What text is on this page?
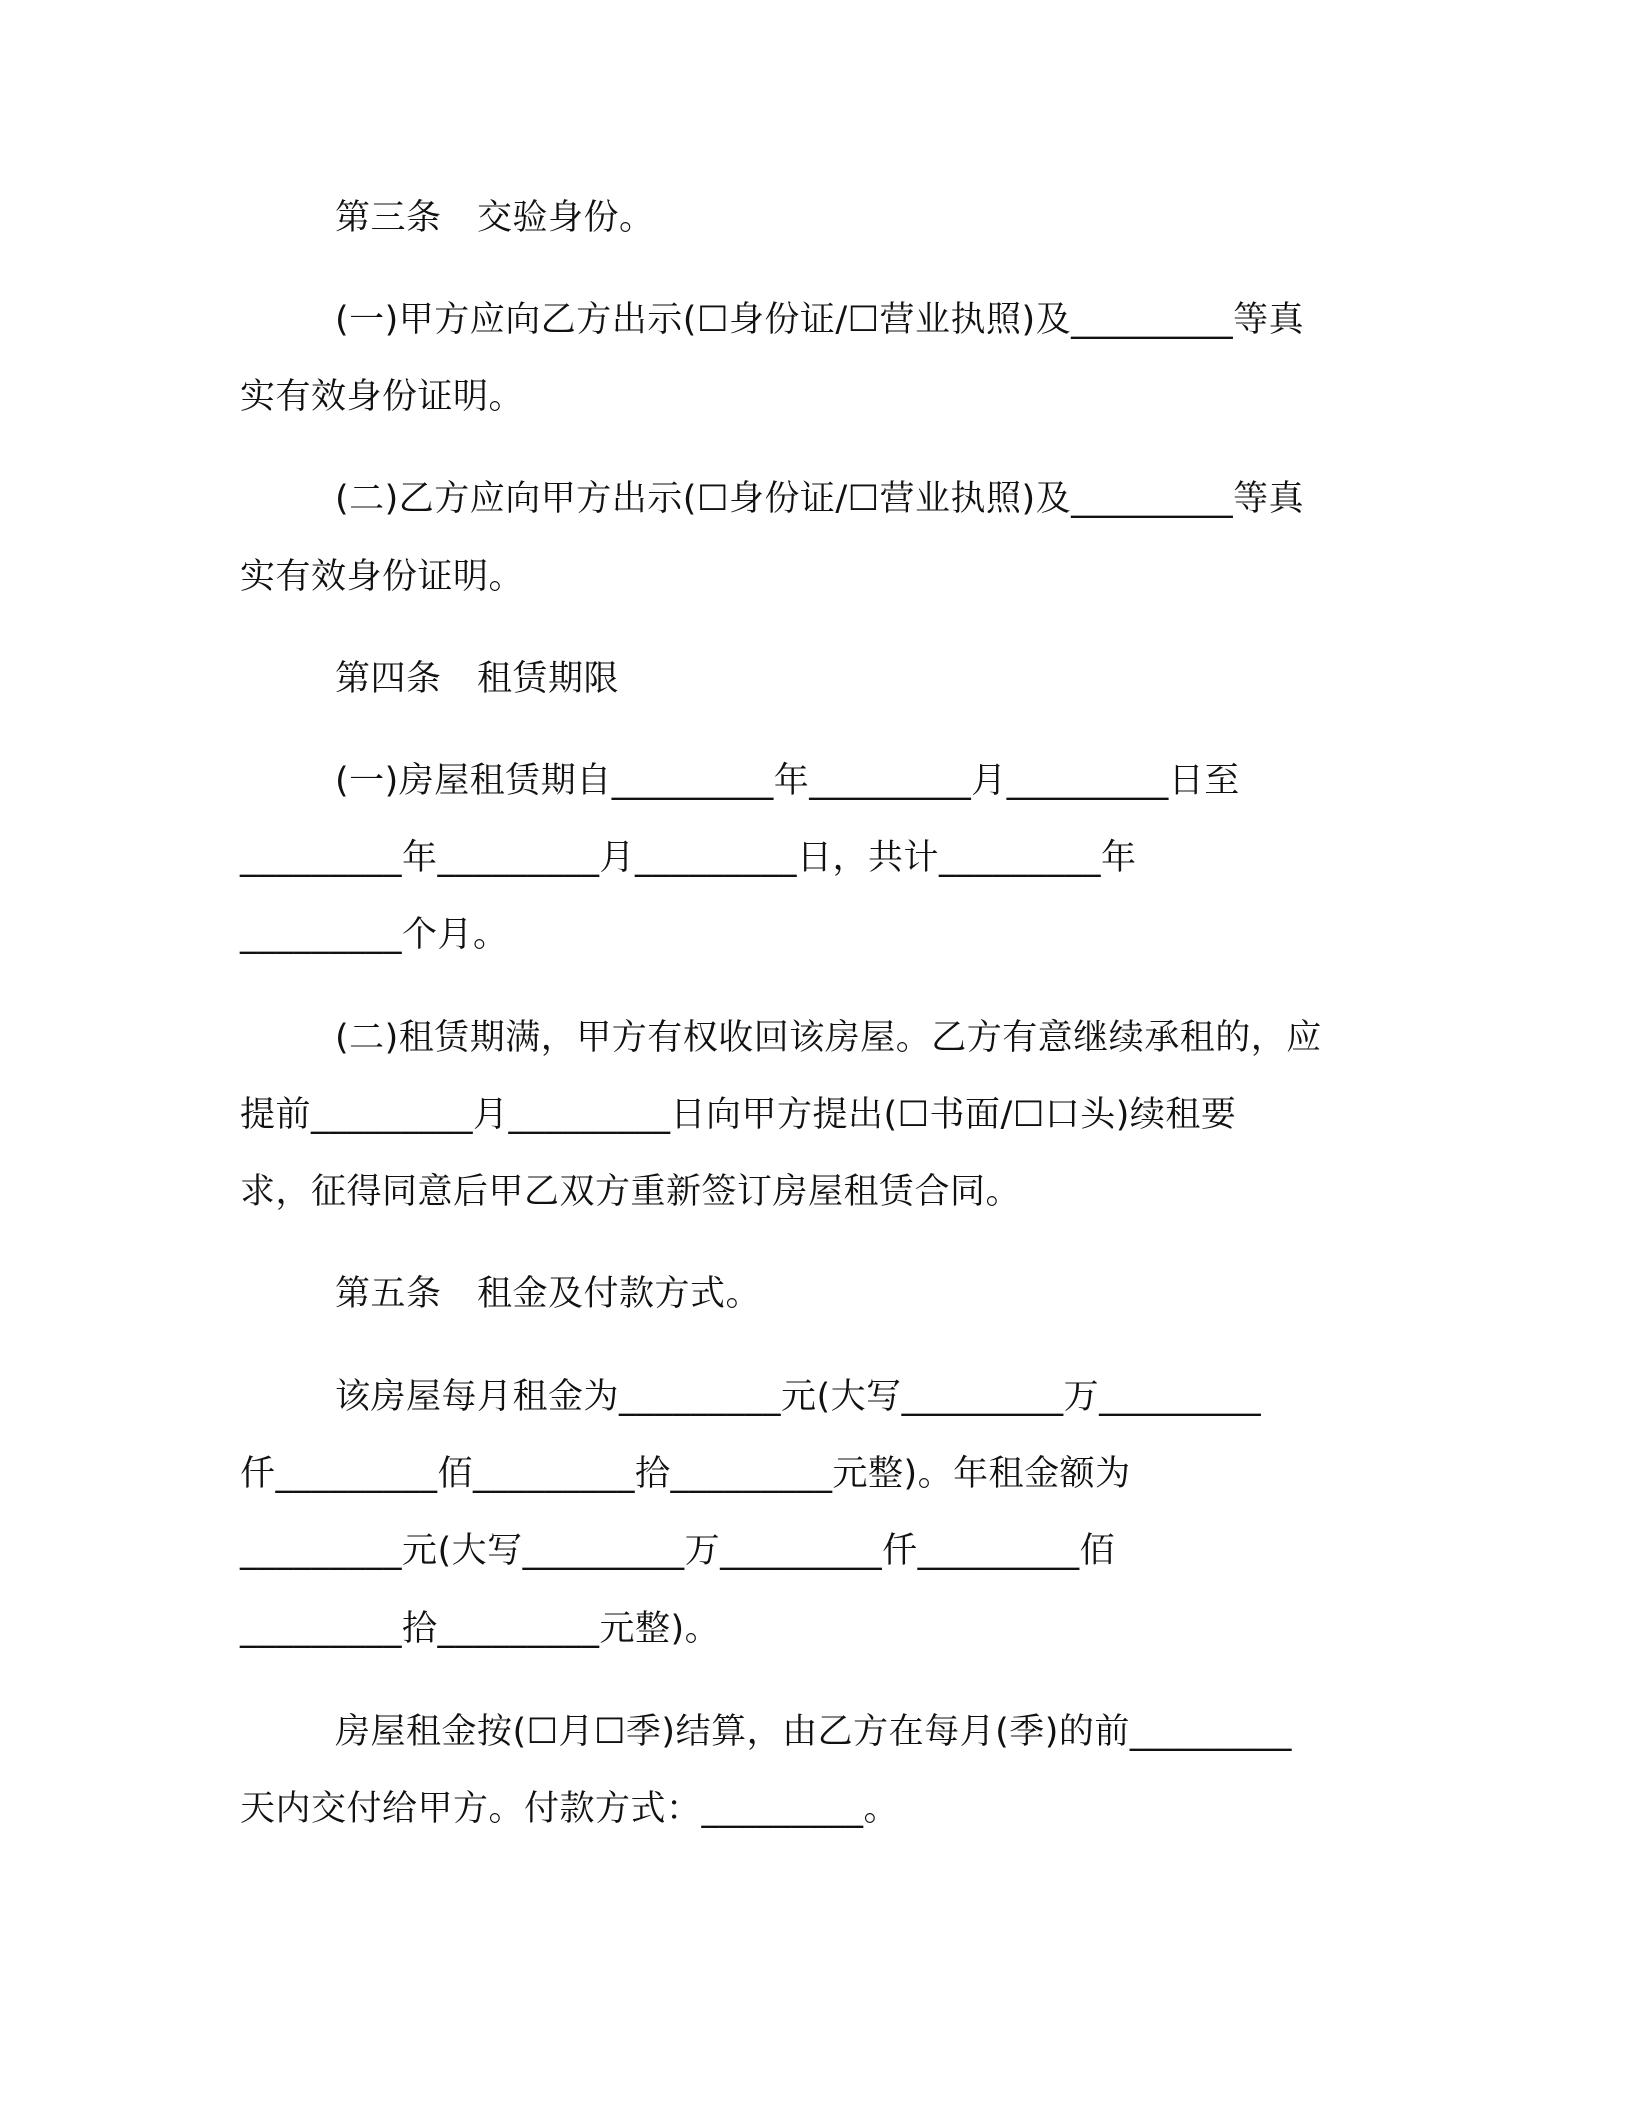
第三条　交验身份。
(一)甲方应向乙方出示(☐身份证/☐营业执照)及_________等真
实有效身份证明。
(二)乙方应向甲方出示(☐身份证/☐营业执照)及_________等真
实有效身份证明。
第四条　租赁期限
(一)房屋租赁期自_________年_________月_________日至
_________年_________月_________日，共计_________年
_________个月。
(二)租赁期满，甲方有权收回该房屋。乙方有意继续承租的，应
提前_________月_________日向甲方提出(☐书面/☐口头)续租要
求，征得同意后甲乙双方重新签订房屋租赁合同。
第五条　租金及付款方式。
该房屋每月租金为_________元(大写_________万_________
仟_________佰_________拾_________元整)。年租金额为
_________元(大写_________万_________仟_________佰
_________拾_________元整)。
房屋租金按(☐月☐季)结算，由乙方在每月(季)的前_________
天内交付给甲方。付款方式：_________。
